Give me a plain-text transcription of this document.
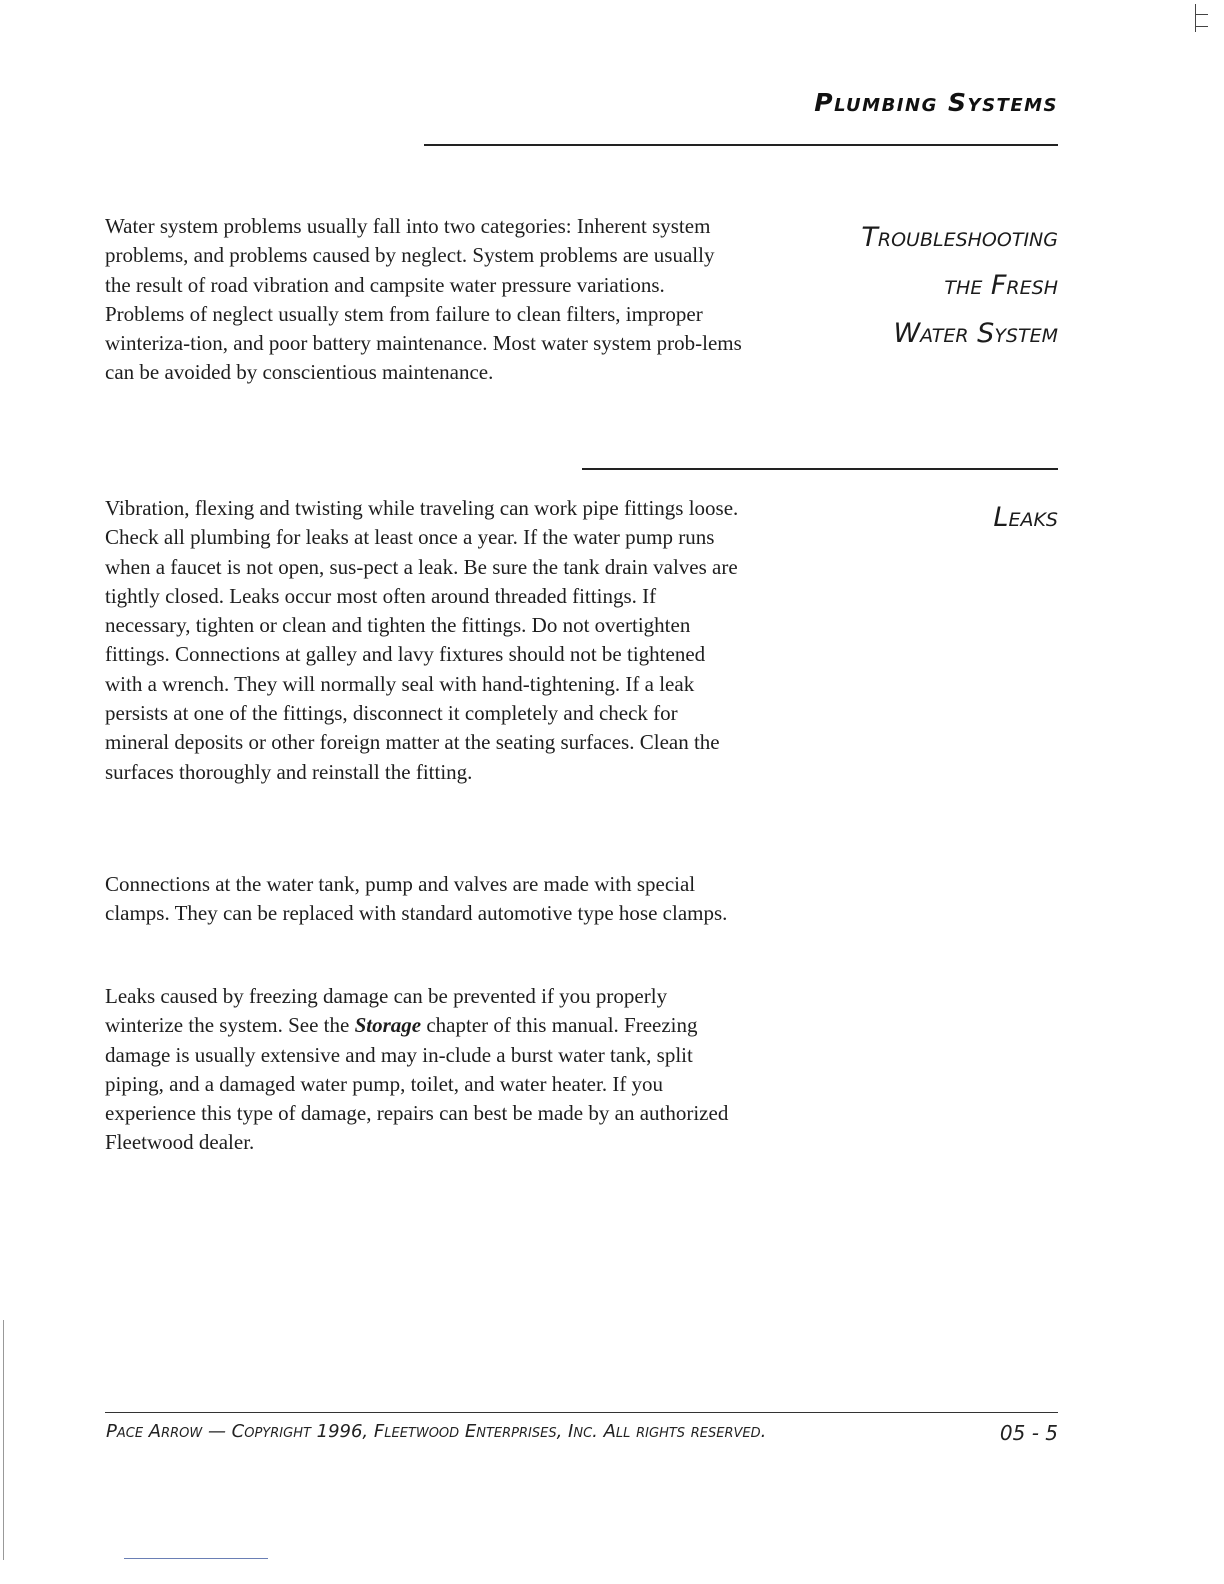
Plumbing Systems
Troubleshooting
the Fresh
Water System

Water system problems usually fall into two categories: Inherent system problems, and problems caused by neglect. System problems are usually the result of road vibration and campsite water pressure variations. Problems of neglect usually stem from failure to clean filters, improper winteriza-tion, and poor battery maintenance. Most water system prob-lems can be avoided by conscientious maintenance.

Leaks

Vibration, flexing and twisting while traveling can work pipe fittings loose. Check all plumbing for leaks at least once a year. If the water pump runs when a faucet is not open, sus-pect a leak. Be sure the tank drain valves are tightly closed. Leaks occur most often around threaded fittings. If necessary, tighten or clean and tighten the fittings. Do not overtighten fittings. Connections at galley and lavy fixtures should not be tightened with a wrench. They will normally seal with hand-tightening. If a leak persists at one of the fittings, disconnect it completely and check for mineral deposits or other foreign matter at the seating surfaces. Clean the surfaces thoroughly and reinstall the fitting.

Connections at the water tank, pump and valves are made with special clamps. They can be replaced with standard automotive type hose clamps.

Leaks caused by freezing damage can be prevented if you properly winterize the system. See the Storage chapter of this manual. Freezing damage is usually extensive and may in-clude a burst water tank, split piping, and a damaged water pump, toilet, and water heater. If you experience this type of damage, repairs can best be made by an authorized Fleetwood dealer.

Pace Arrow — Copyright 1996, Fleetwood Enterprises, Inc. All rights reserved.	05 - 5
